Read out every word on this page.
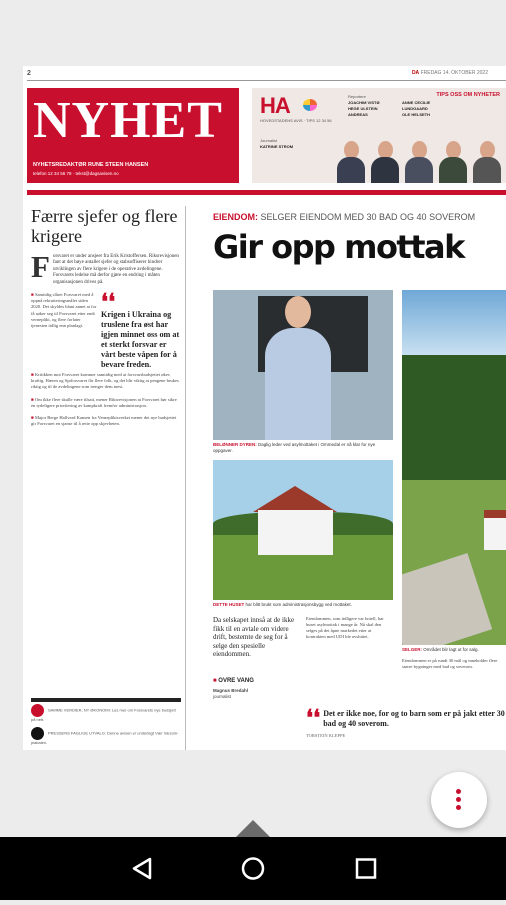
2	DA FREDAG 14. OKTOBER 2022
NYHET
NYHETSREDAKTØR RUNE STEEN HANSEN
telefon 12 34 56 78 · tekst@dagsavisen.no
HA
HOVEDSTADENS AVIS · TIPS 12 34 56
Reportere
JOACHIM VISTØ
HEGE ULSTEIN
ANDREAS
ANNE CECILIE
LUNDGAARD
OLE HELSETH
TIPS OSS OM NYHETER
Journalist
KATRINE STROM
Færre sjefer og flere krigere
F orsvaret er under ansjeer fra Erik Kristoffersen. Riksrevisjonen fant at det høye antallet sjefer og stabsoffiserer hindrer utviklingen av flere krigere i de operative avdelingene. Forsvarets ledelse må derfor gjøre en endring i måten organisasjonen drives på.
❛❛
Krigen i Ukraina og truslene fra øst har igjen minnet oss om at et sterkt forsvar er vårt beste våpen for å bevare freden.
■ Samtidig slåret Forsvaret med å oppnå rekrutteringsmålet siden 2020. Det skyldes blant annet at for få søker seg til Forsvaret etter endt verneplikt, og flere forlater tjenesten tidlig enn planlagt.
■ Kritikken mot Forsvaret kommer samtidig med at forsvarsbudsjettet økes kraftig. Hæren og Sjøforsvaret får flere folk, og det blir viktig at pengene brukes riktig og til de avdelingene som trenger dem mest.
■ Om ikke flere skulle være tilsatt, mener Riksrevisjonen at Forsvaret bør sikre en tydeligere prioritering av kampkraft fremfor administrasjon.
■ Major Berge Hallvard Kansen fra Vernepliktsverket mener det nye budsjettet gir Forsvaret en sjanse til å rette opp skjevheten.
SAMME VERDIER, NY ØKONOMI: Les mer om Forsvarets nye budsjett på nett.
PRESSENS FAGLIGE UTVALG: Denne avisen er underlagt Vær Varsom-plakaten.
EIENDOM: SELGER EIENDOM MED 30 BAD OG 40 SOVEROM
Gir opp mottak
BELØNNER DYREN: Daglig leder ved asylmottaket i Ommedal er nå klar for nye oppgaver.
DETTE HUSET har blitt brukt som administrasjonsbygg ved mottaket.
SELGER: Området blir lagt ut for salg.
Da selskapet innså at de ikke fikk til en avtale om videre drift, bestemte de seg for å selge den spesielle eiendommen.
Eiendommen, som tidligere var hotell, har huset asylmottak i mange år. Nå skal den selges på det åpne markedet etter at kontrakten med UDI ble avsluttet.
Eiendommen er på rundt 30 mål og inneholder flere større bygninger med bad og soverom.
■ OVRE VANG
Magnus Bredahl
journalist
❛❛ Det er ikke noe, for og to barn som er på jakt etter 30 bad og 40 soverom.
TORSTEIN KLEPPE
